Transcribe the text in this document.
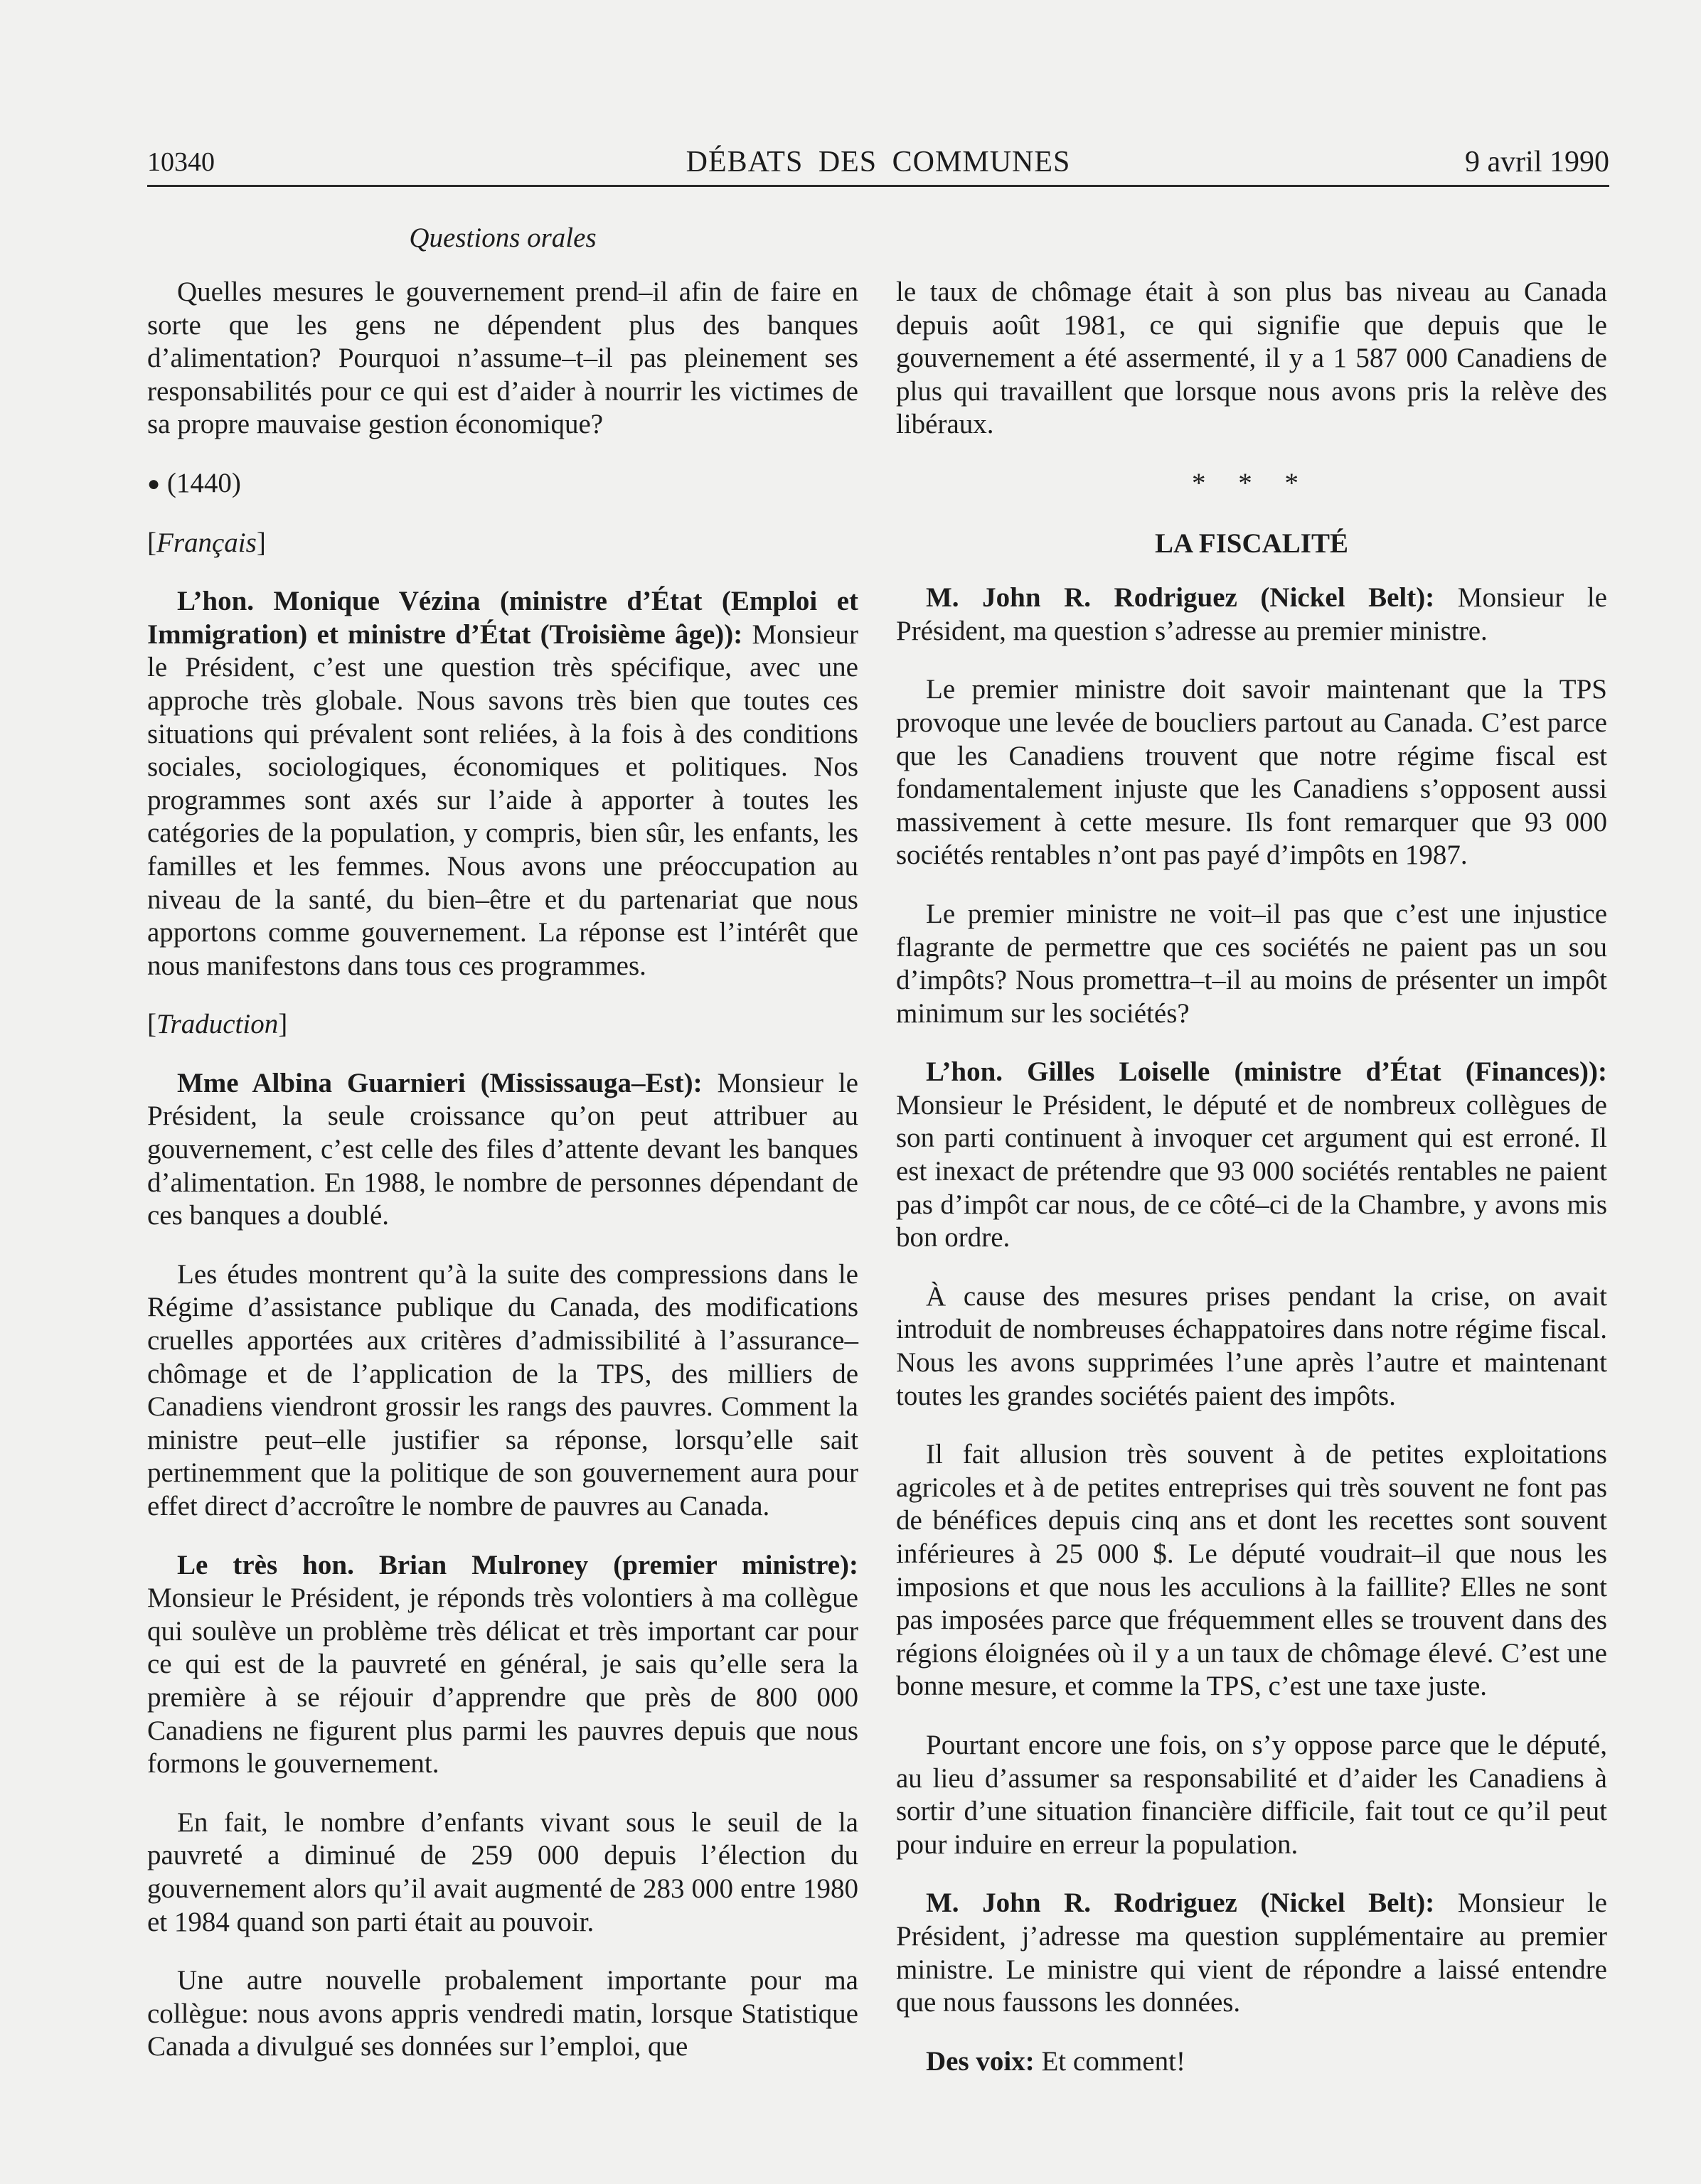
10340	DÉBATS DES COMMUNES	9 avril 1990
Questions orales

Quelles mesures le gouvernement prend–il afin de faire en sorte que les gens ne dépendent plus des banques d’alimentation? Pourquoi n’assume–t–il pas pleinement ses responsabilités pour ce qui est d’aider à nourrir les victimes de sa propre mauvaise gestion économique?

● (1440)
[Français]

L’hon. Monique Vézina (ministre d’État (Emploi et Immigration) et ministre d’État (Troisième âge)): Monsieur le Président, c’est une question très spécifique, avec une approche très globale. Nous savons très bien que toutes ces situations qui prévalent sont reliées, à la fois à des conditions sociales, sociologiques, économiques et politiques. Nos programmes sont axés sur l’aide à apporter à toutes les catégories de la population, y compris, bien sûr, les enfants, les familles et les femmes. Nous avons une préoccupation au niveau de la santé, du bien–être et du partenariat que nous apportons comme gouvernement. La réponse est l’intérêt que nous manifestons dans tous ces programmes.

[Traduction]

Mme Albina Guarnieri (Mississauga–Est): Monsieur le Président, la seule croissance qu’on peut attribuer au gouvernement, c’est celle des files d’attente devant les banques d’alimentation. En 1988, le nombre de personnes dépendant de ces banques a doublé.

Les études montrent qu’à la suite des compressions dans le Régime d’assistance publique du Canada, des modifications cruelles apportées aux critères d’admissibilité à l’assurance–chômage et de l’application de la TPS, des milliers de Canadiens viendront grossir les rangs des pauvres. Comment la ministre peut–elle justifier sa réponse, lorsqu’elle sait pertinemment que la politique de son gouvernement aura pour effet direct d’accroître le nombre de pauvres au Canada.

Le très hon. Brian Mulroney (premier ministre): Monsieur le Président, je réponds très volontiers à ma collègue qui soulève un problème très délicat et très important car pour ce qui est de la pauvreté en général, je sais qu’elle sera la première à se réjouir d’apprendre que près de 800 000 Canadiens ne figurent plus parmi les pauvres depuis que nous formons le gouvernement.

En fait, le nombre d’enfants vivant sous le seuil de la pauvreté a diminué de 259 000 depuis l’élection du gouvernement alors qu’il avait augmenté de 283 000 entre 1980 et 1984 quand son parti était au pouvoir.

Une autre nouvelle probalement importante pour ma collègue: nous avons appris vendredi matin, lorsque Statistique Canada a divulgué ses données sur l’emploi, que

le taux de chômage était à son plus bas niveau au Canada depuis août 1981, ce qui signifie que depuis que le gouvernement a été assermenté, il y a 1 587 000 Canadiens de plus qui travaillent que lorsque nous avons pris la relève des libéraux.

* * *
LA FISCALITÉ

M. John R. Rodriguez (Nickel Belt): Monsieur le Président, ma question s’adresse au premier ministre.

Le premier ministre doit savoir maintenant que la TPS provoque une levée de boucliers partout au Canada. C’est parce que les Canadiens trouvent que notre régime fiscal est fondamentalement injuste que les Canadiens s’opposent aussi massivement à cette mesure. Ils font remarquer que 93 000 sociétés rentables n’ont pas payé d’impôts en 1987.

Le premier ministre ne voit–il pas que c’est une injustice flagrante de permettre que ces sociétés ne paient pas un sou d’impôts? Nous promettra–t–il au moins de présenter un impôt minimum sur les sociétés?

L’hon. Gilles Loiselle (ministre d’État (Finances)): Monsieur le Président, le député et de nombreux collègues de son parti continuent à invoquer cet argument qui est erroné. Il est inexact de prétendre que 93 000 sociétés rentables ne paient pas d’impôt car nous, de ce côté–ci de la Chambre, y avons mis bon ordre.

À cause des mesures prises pendant la crise, on avait introduit de nombreuses échappatoires dans notre régime fiscal. Nous les avons supprimées l’une après l’autre et maintenant toutes les grandes sociétés paient des impôts.

Il fait allusion très souvent à de petites exploitations agricoles et à de petites entreprises qui très souvent ne font pas de bénéfices depuis cinq ans et dont les recettes sont souvent inférieures à 25 000 $. Le député voudrait–il que nous les imposions et que nous les acculions à la faillite? Elles ne sont pas imposées parce que fréquemment elles se trouvent dans des régions éloignées où il y a un taux de chômage élevé. C’est une bonne mesure, et comme la TPS, c’est une taxe juste.

Pourtant encore une fois, on s’y oppose parce que le député, au lieu d’assumer sa responsabilité et d’aider les Canadiens à sortir d’une situation financière difficile, fait tout ce qu’il peut pour induire en erreur la population.

M. John R. Rodriguez (Nickel Belt): Monsieur le Président, j’adresse ma question supplémentaire au premier ministre. Le ministre qui vient de répondre a laissé entendre que nous faussons les données.

Des voix: Et comment!
